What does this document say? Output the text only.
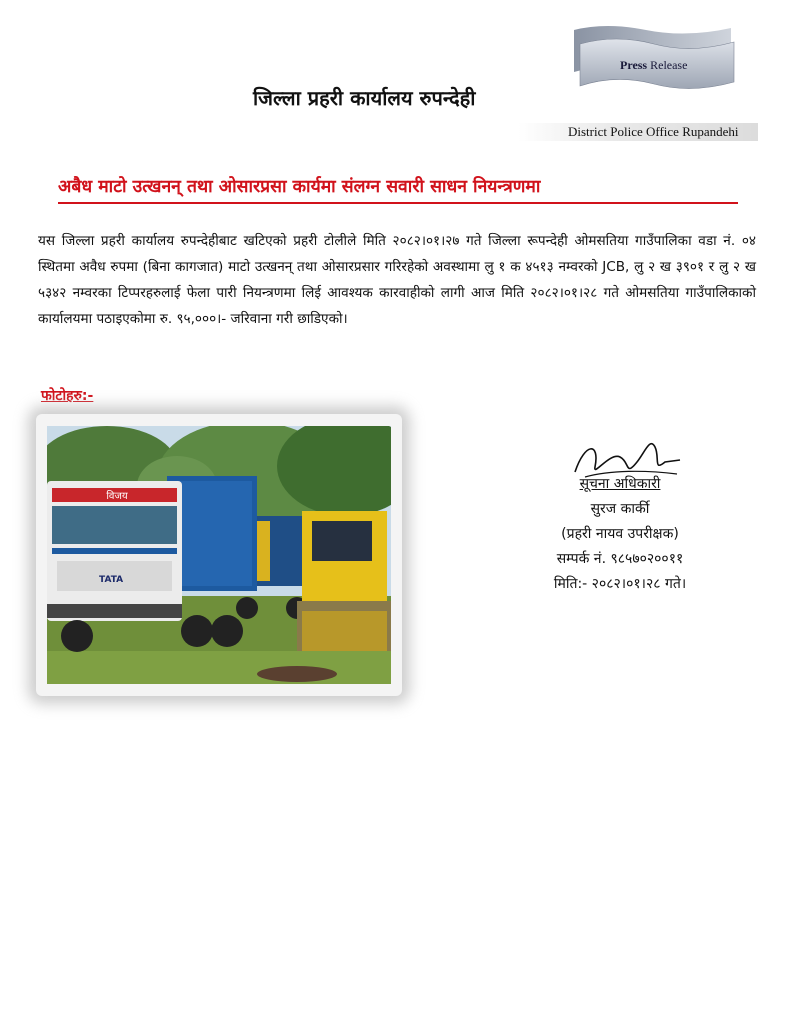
Press Release
जिल्ला प्रहरी कार्यालय रुपन्देही
District Police Office Rupandehi
अबैध माटो उत्खनन् तथा ओसारप्रसा कार्यमा संलग्न सवारी साधन नियन्त्रणमा
यस जिल्ला प्रहरी कार्यालय रुपन्देहीबाट खटिएको प्रहरी टोलीले मिति २०८२।०१।२७ गते जिल्ला रूपन्देही ओमसतिया गाउँपालिका वडा नं. ०४ स्थितमा अवैध रुपमा (बिना कागजात) माटो उत्खनन् तथा ओसारप्रसार गरिरहेको अवस्थामा लु १ क ४५१३ नम्वरको JCB, लु २ ख ३९०१ र लु २ ख ५३४२ नम्वरका टिप्परहरुलाई फेला पारी नियन्त्रणमा लिई आवश्यक कारवाहीको लागी आज मिति २०८२।०१।२८ गते ओमसतिया गाउँपालिकाको कार्यालयमा पठाइएकोमा रु. ९५,०००।- जरिवाना गरी छाडिएको।
फोटोहरु:-
विजय
TATA
सूचना अधिकारी
सुरज कार्की
(प्रहरी नायव उपरीक्षक)
सम्पर्क नं. ९८५७०२००११
मिति:- २०८२।०१।२८ गते।
